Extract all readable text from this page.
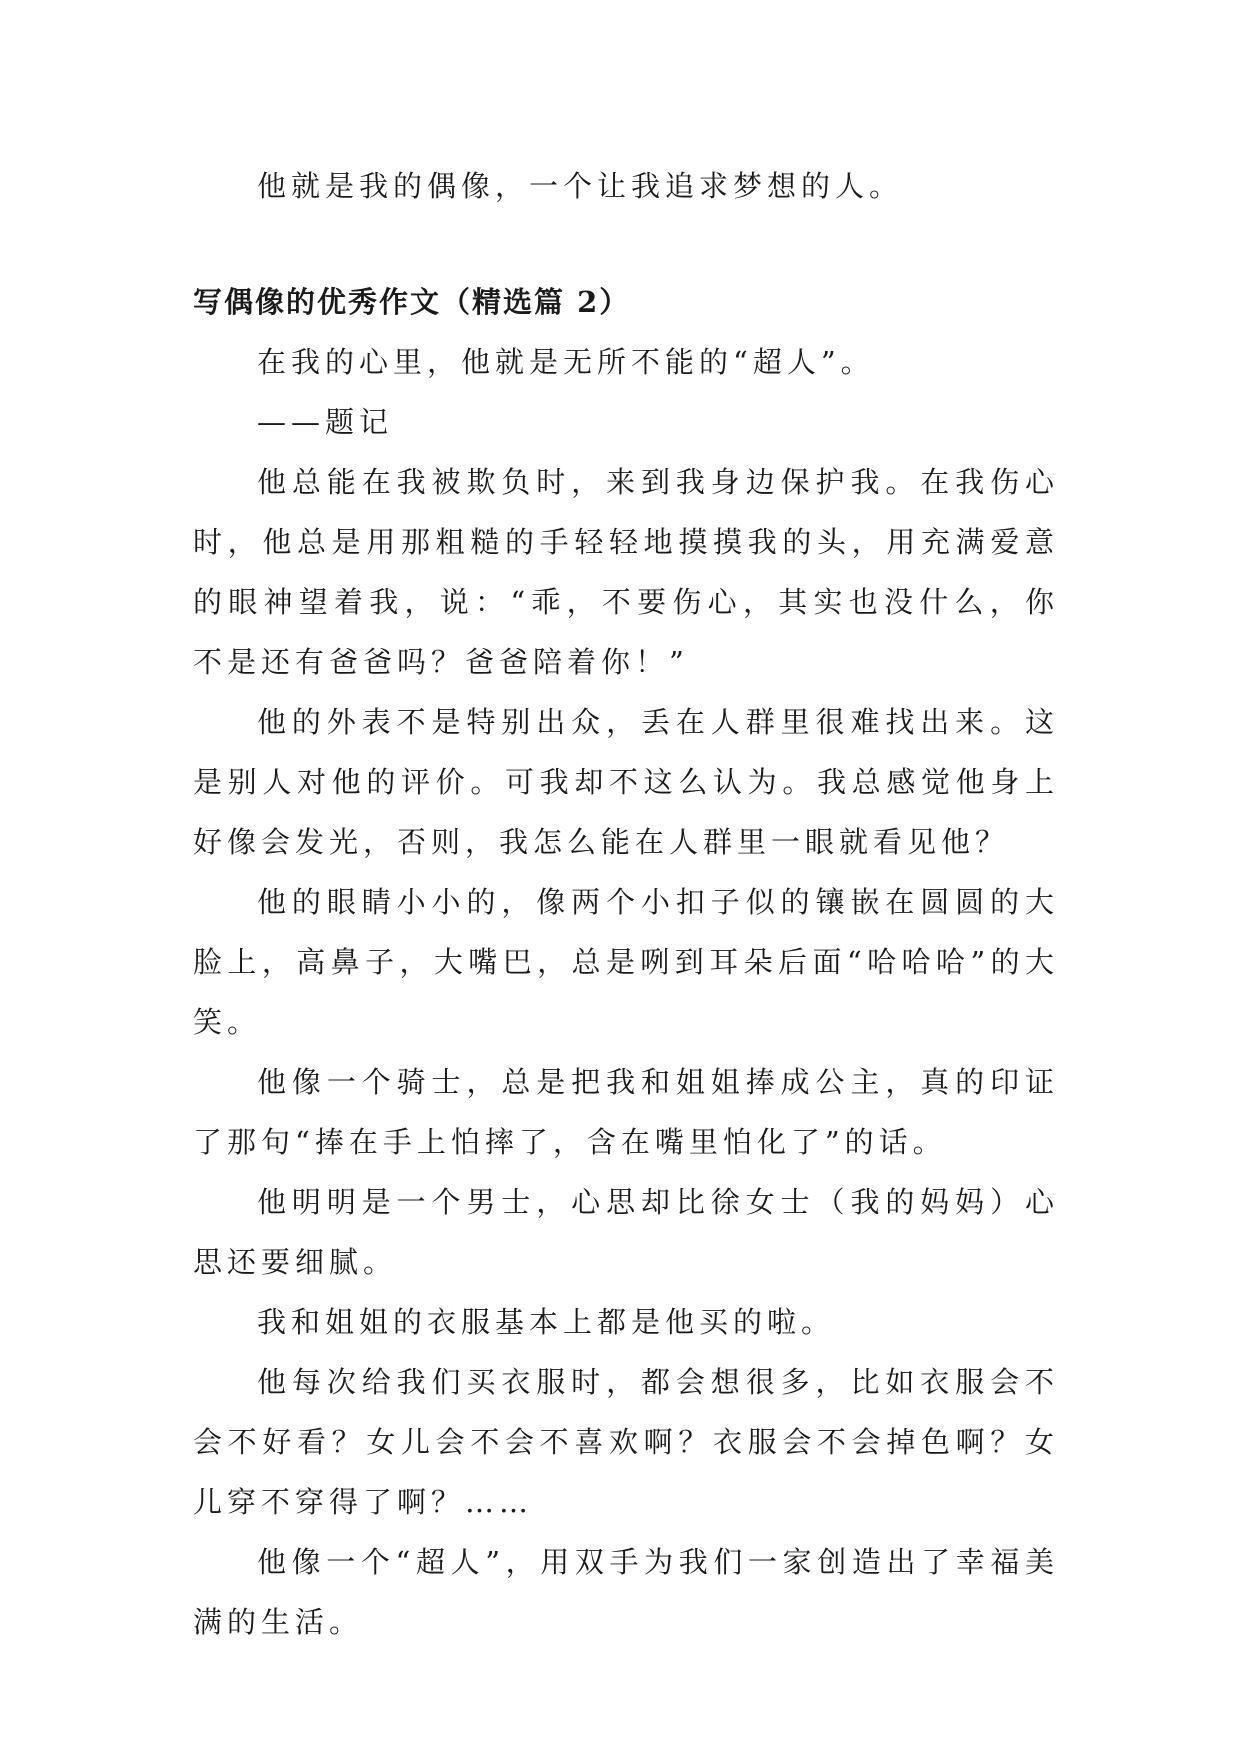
他就是我的偶像，一个让我追求梦想的人。

写偶像的优秀作文（精选篇 2）

在我的心里，他就是无所不能的“超人”。

——题记

他总能在我被欺负时，来到我身边保护我。在我伤心时，他总是用那粗糙的手轻轻地摸摸我的头，用充满爱意的眼神望着我，说：“乖，不要伤心，其实也没什么，你不是还有爸爸吗？爸爸陪着你！”

他的外表不是特别出众，丢在人群里很难找出来。这是别人对他的评价。可我却不这么认为。我总感觉他身上好像会发光，否则，我怎么能在人群里一眼就看见他？

他的眼睛小小的，像两个小扣子似的镶嵌在圆圆的大脸上，高鼻子，大嘴巴，总是咧到耳朵后面“哈哈哈”的大笑。

他像一个骑士，总是把我和姐姐捧成公主，真的印证了那句“捧在手上怕摔了，含在嘴里怕化了”的话。

他明明是一个男士，心思却比徐女士（我的妈妈）心思还要细腻。

我和姐姐的衣服基本上都是他买的啦。

他每次给我们买衣服时，都会想很多，比如衣服会不会不好看？女儿会不会不喜欢啊？衣服会不会掉色啊？女儿穿不穿得了啊？……

他像一个“超人”，用双手为我们一家创造出了幸福美满的生活。
